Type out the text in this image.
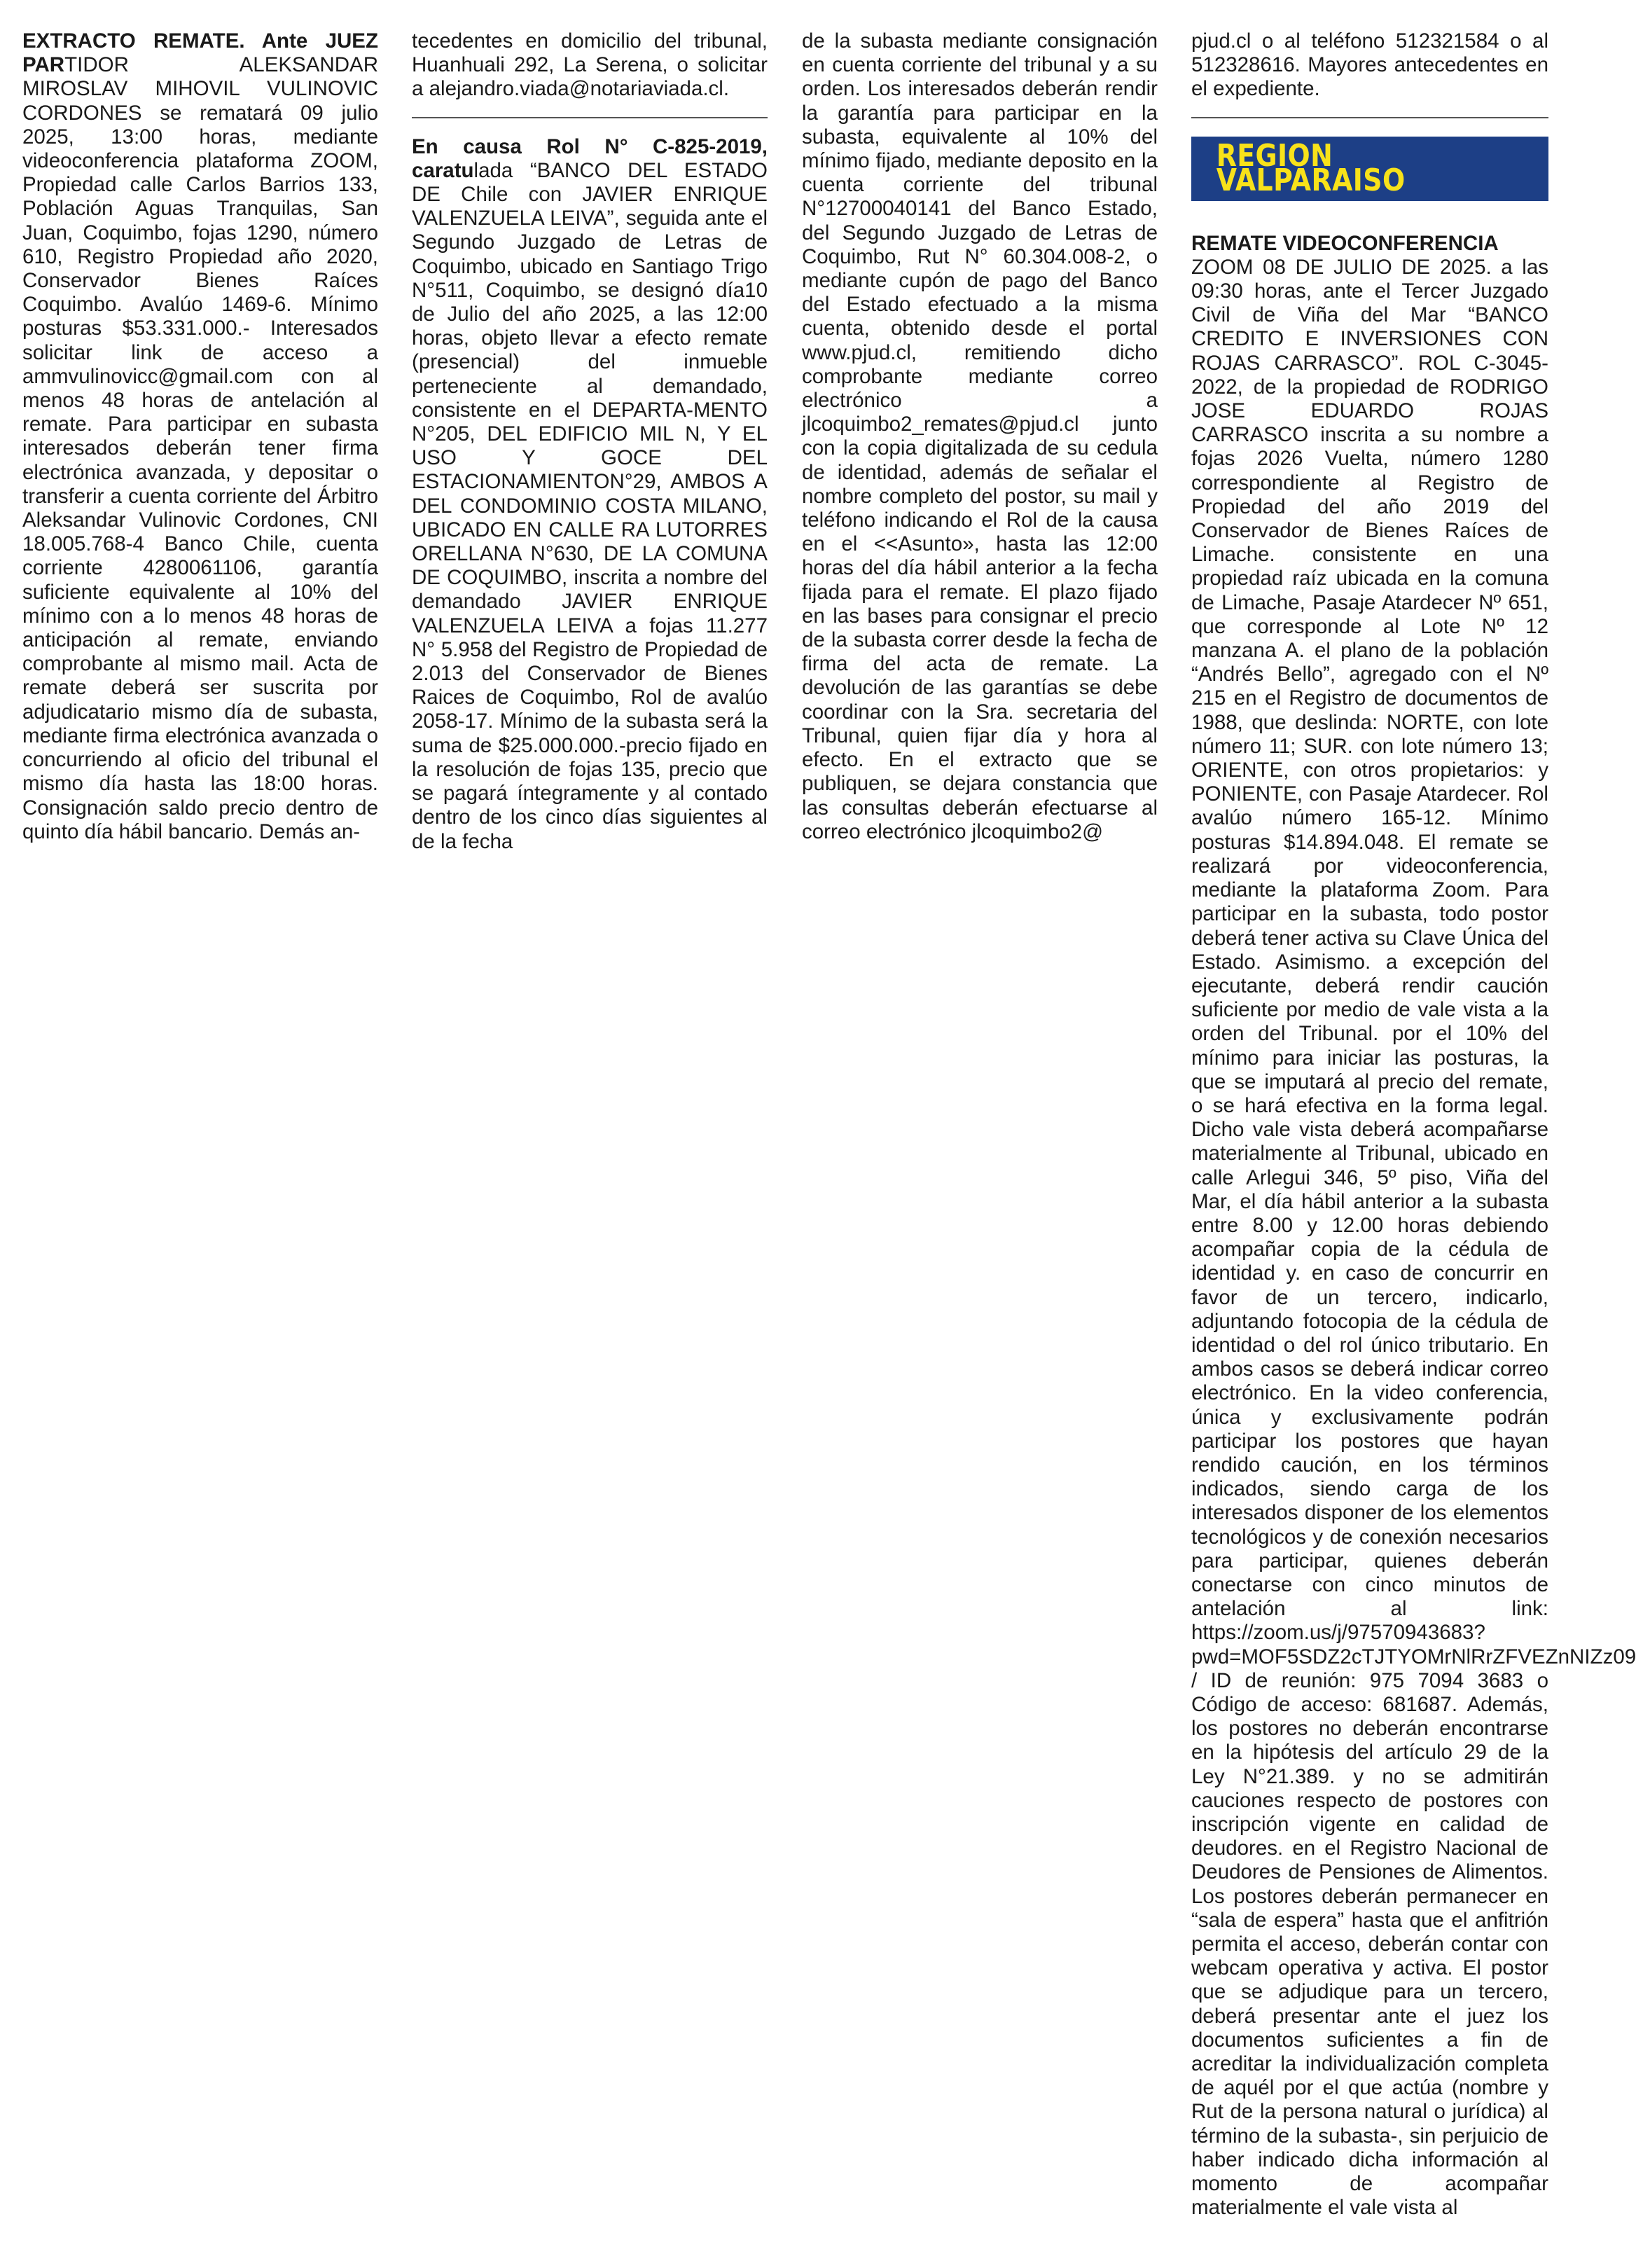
EXTRACTO REMATE. Ante JUEZ PARTIDOR ALEKSANDAR MIROSLAV MIHOVIL VULINOVIC CORDONES se rematará 09 julio 2025, 13:00 horas, mediante videoconferencia plataforma ZOOM, Propiedad calle Carlos Barrios 133, Población Aguas Tranquilas, San Juan, Coquimbo, fojas 1290, número 610, Registro Propiedad año 2020, Conservador Bienes Raíces Coquimbo. Avalúo 1469-6. Mínimo posturas $53.331.000.- Interesados solicitar link de acceso a ammvulinovicc@gmail.com con al menos 48 horas de antelación al remate. Para participar en subasta interesados deberán tener firma electrónica avanzada, y depositar o transferir a cuenta corriente del Árbitro Aleksandar Vulinovic Cordones, CNI 18.005.768-4 Banco Chile, cuenta corriente 4280061106, garantía suficiente equivalente al 10% del mínimo con a lo menos 48 horas de anticipación al remate, enviando comprobante al mismo mail. Acta de remate deberá ser suscrita por adjudicatario mismo día de subasta, mediante firma electrónica avanzada o concurriendo al oficio del tribunal el mismo día hasta las 18:00 horas. Consignación saldo precio dentro de quinto día hábil bancario. Demás an-

tecedentes en domicilio del tribunal, Huanhuali 292, La Serena, o solicitar a alejandro.viada@notariaviada.cl.

En causa Rol N° C-825-2019, caratulada “BANCO DEL ESTADO DE Chile con JAVIER ENRIQUE VALENZUELA LEIVA”, seguida ante el Segundo Juzgado de Letras de Coquimbo, ubicado en Santiago Trigo N°511, Coquimbo, se designó día10 de Julio del año 2025, a las 12:00 horas, objeto llevar a efecto remate (presencial) del inmueble perteneciente al demandado, consistente en el DEPARTA-MENTO N°205, DEL EDIFICIO MIL N, Y EL USO Y GOCE DEL ESTACIONAMIENTON°29, AMBOS A DEL CONDOMINIO COSTA MILANO, UBICADO EN CALLE RA LUTORRES ORELLANA N°630, DE LA COMUNA DE COQUIMBO, inscrita a nombre del demandado JAVIER ENRIQUE VALENZUELA LEIVA a fojas 11.277 N° 5.958 del Registro de Propiedad de 2.013 del Conservador de Bienes Raices de Coquimbo, Rol de avalúo 2058-17. Mínimo de la subasta será la suma de $25.000.000.-precio fijado en la resolución de fojas 135, precio que se pagará íntegramente y al contado dentro de los cinco días siguientes al de la fecha

de la subasta mediante consignación en cuenta corriente del tribunal y a su orden. Los interesados deberán rendir la garantía para participar en la subasta, equivalente al 10% del mínimo fijado, mediante deposito en la cuenta corriente del tribunal N°12700040141 del Banco Estado, del Segundo Juzgado de Letras de Coquimbo, Rut N° 60.304.008-2, o mediante cupón de pago del Banco del Estado efectuado a la misma cuenta, obtenido desde el portal www.pjud.cl, remitiendo dicho comprobante mediante correo electrónico a jlcoquimbo2_remates@pjud.cl junto con la copia digitalizada de su cedula de identidad, además de señalar el nombre completo del postor, su mail y teléfono indicando el Rol de la causa en el <<Asunto», hasta las 12:00 horas del día hábil anterior a la fecha fijada para el remate. El plazo fijado en las bases para consignar el precio de la subasta correr desde la fecha de firma del acta de remate. La devolución de las garantías se debe coordinar con la Sra. secretaria del Tribunal, quien fijar día y hora al efecto. En el extracto que se publiquen, se dejara constancia que las consultas deberán efectuarse al correo electrónico jlcoquimbo2@

pjud.cl o al teléfono 512321584 o al 512328616. Mayores antecedentes en el expediente.

REGION VALPARAISO

REMATE VIDEOCONFERENCIA
ZOOM 08 DE JULIO DE 2025. a las 09:30 horas, ante el Tercer Juzgado Civil de Viña del Mar “BANCO CREDITO E INVERSIONES CON ROJAS CARRASCO”. ROL C-3045-2022, de la propiedad de RODRIGO JOSE EDUARDO ROJAS CARRASCO inscrita a su nombre a fojas 2026 Vuelta, número 1280 correspondiente al Registro de Propiedad del año 2019 del Conservador de Bienes Raíces de Limache. consistente en una propiedad raíz ubicada en la comuna de Limache, Pasaje Atardecer Nº 651, que corresponde al Lote Nº 12 manzana A. el plano de la población “Andrés Bello”, agregado con el Nº 215 en el Registro de documentos de 1988, que deslinda: NORTE, con lote número 11; SUR. con lote número 13; ORIENTE, con otros propietarios: y PONIENTE, con Pasaje Atardecer. Rol avalúo número 165-12. Mínimo posturas $14.894.048. El remate se realizará por videoconferencia, mediante la plataforma Zoom. Para participar en la subasta, todo postor deberá tener activa su Clave Única del Estado. Asimismo. a excepción del ejecutante, deberá rendir caución suficiente por medio de vale vista a la orden del Tribunal. por el 10% del mínimo para iniciar las posturas, la que se imputará al precio del remate, o se hará efectiva en la forma legal. Dicho vale vista deberá acompañarse materialmente al Tribunal, ubicado en calle Arlegui 346, 5º piso, Viña del Mar, el día hábil anterior a la subasta entre 8.00 y 12.00 horas debiendo acompañar copia de la cédula de identidad y. en caso de concurrir en favor de un tercero, indicarlo, adjuntando fotocopia de la cédula de identidad o del rol único tributario. En ambos casos se deberá indicar correo electrónico. En la video conferencia, única y exclusivamente podrán participar los postores que hayan rendido caución, en los términos indicados, siendo carga de los interesados disponer de los elementos tecnológicos y de conexión necesarios para participar, quienes deberán conectarse con cinco minutos de antelación al link: https://zoom.us/j/97570943683?pwd=MOF5SDZ2cTJTYOMrNlRrZFVEZnNIZz09 / ID de reunión: 975 7094 3683 o Código de acceso: 681687. Además, los postores no deberán encontrarse en la hipótesis del artículo 29 de la Ley N°21.389. y no se admitirán cauciones respecto de postores con inscripción vigente en calidad de deudores. en el Registro Nacional de Deudores de Pensiones de Alimentos. Los postores deberán permanecer en “sala de espera” hasta que el anfitrión permita el acceso, deberán contar con webcam operativa y activa. El postor que se adjudique para un tercero, deberá presentar ante el juez los documentos suficientes a fin de acreditar la individualización completa de aquél por el que actúa (nombre y Rut de la persona natural o jurídica) al término de la subasta-, sin perjuicio de haber indicado dicha información al momento de acompañar materialmente el vale vista al
